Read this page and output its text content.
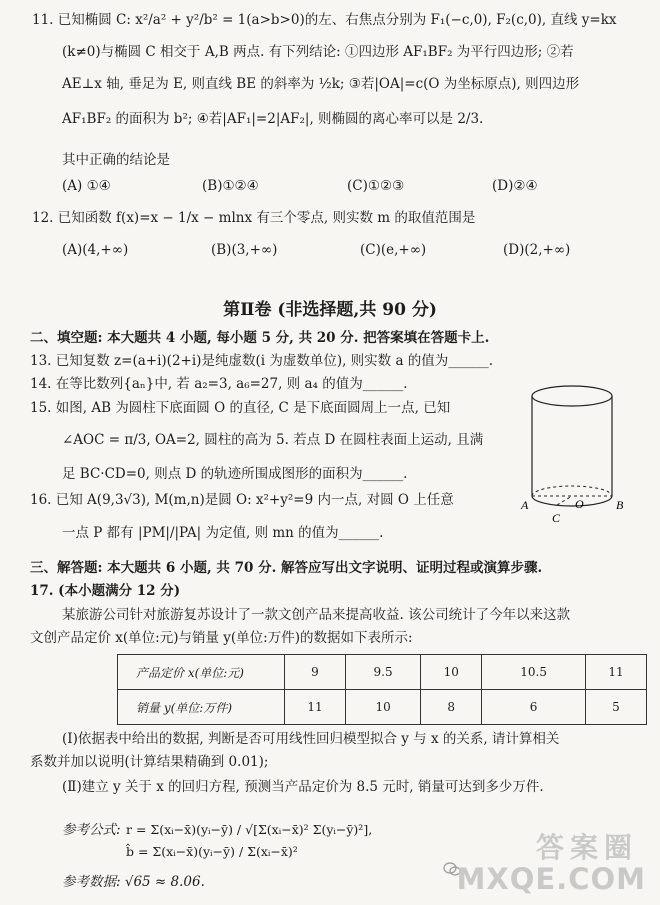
11. 已知椭圆 C: x²/a² + y²/b² = 1(a>b>0)的左、右焦点分别为 F₁(−c,0), F₂(c,0), 直线 y=kx
(k≠0)与椭圆 C 相交于 A,B 两点. 有下列结论: ①四边形 AF₁BF₂ 为平行四边形; ②若
AE⊥x 轴, 垂足为 E, 则直线 BE 的斜率为 ½k; ③若|OA|=c(O 为坐标原点), 则四边形
AF₁BF₂ 的面积为 b²; ④若|AF₁|=2|AF₂|, 则椭圆的离心率可以是 2/3.
其中正确的结论是
(A) ①④	(B)①②④	(C)①②③	(D)②④
12. 已知函数 f(x)=x − 1/x − mlnx 有三个零点, 则实数 m 的取值范围是
(A)(4,+∞)	(B)(3,+∞)	(C)(e,+∞)	(D)(2,+∞)
第Ⅱ卷 (非选择题,共 90 分)
二、填空题: 本大题共 4 小题, 每小题 5 分, 共 20 分. 把答案填在答题卡上.
13. 已知复数 z=(a+i)(2+i)是纯虚数(i 为虚数单位), 则实数 a 的值为______.
14. 在等比数列{aₙ}中, 若 a₂=3, a₆=27, 则 a₄ 的值为______.
15. 如图, AB 为圆柱下底面圆 O 的直径, C 是下底面圆周上一点, 已知
∠AOC = π/3, OA=2, 圆柱的高为 5. 若点 D 在圆柱表面上运动, 且满
足 BC·CD=0, 则点 D 的轨迹所围成图形的面积为______.
16. 已知 A(9,3√3), M(m,n)是圆 O: x²+y²=9 内一点, 对圆 O 上任意
一点 P 都有 |PM|/|PA| 为定值, 则 mn 的值为______.
A	B
C
O
三、解答题: 本大题共 6 小题, 共 70 分. 解答应写出文字说明、证明过程或演算步骤.
17. (本小题满分 12 分)
某旅游公司针对旅游复苏设计了一款文创产品来提高收益. 该公司统计了今年以来这款
文创产品定价 x(单位:元)与销量 y(单位:万件)的数据如下表所示:
产品定价 x(单位:元)	9	9.5	10	10.5	11
销量 y(单位:万件)	11	10	8	6	5
(Ⅰ)依据表中给出的数据, 判断是否可用线性回归模型拟合 y 与 x 的关系, 请计算相关
系数并加以说明(计算结果精确到 0.01);
(Ⅱ)建立 y 关于 x 的回归方程, 预测当产品定价为 8.5 元时, 销量可达到多少万件.
参考公式: r = Σ(xᵢ−x̄)(yᵢ−ȳ) / √[Σ(xᵢ−x̄)² Σ(yᵢ−ȳ)²],
b̂ = Σ(xᵢ−x̄)(yᵢ−ȳ) / Σ(xᵢ−x̄)²
参考数据: √65 ≈ 8.06.
答案圈
MXQE.COM
